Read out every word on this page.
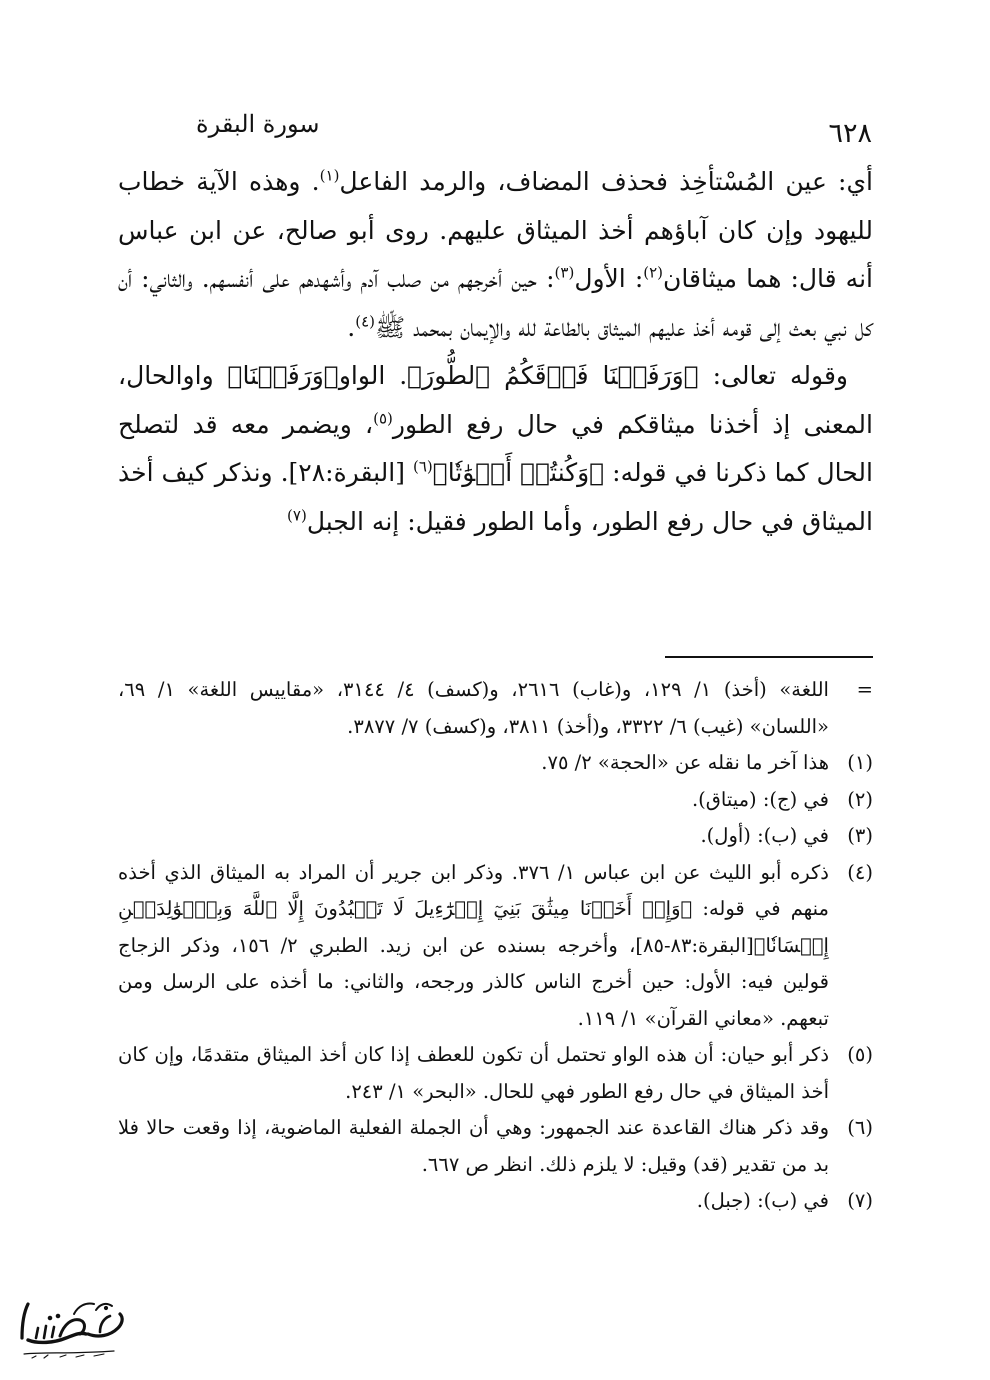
سورة البقرة	٦٢٨

أي: عين المُسْتأخِذ فحذف المضاف، والرمد الفاعل$^{(١)}$. وهذه الآية خطاب لليهود وإن كان آباؤهم أخذ الميثاق عليهم. روى أبو صالح، عن ابن عباس أنه قال: هما ميثاقان$^{(٢)}$: الأول$^{(٣)}$: حين أخرجهم من صلب آدم وأشهدهم على أنفسهم. والثاني: أن كل نبي بعث إلى قومه أخذ عليهم الميثاق بالطاعة لله والإيمان بمحمد ﷺ$^{(٤)}$.

 وقوله تعالى: ﴿وَرَفَعۡنَا فَوۡقَكُمُ ٱلطُّورَ﴾. الواو﴿وَرَفَعۡنَا﴾ واوالحال، المعنى إذ أخذنا ميثاقكم في حال رفع الطور$^{(٥)}$، ويضمر معه قد لتصلح الحال كما ذكرنا في قوله: ﴿وَكُنتُمۡ أَمۡوَٰتٗا﴾$^{(٦)}$ [البقرة:٢٨]. ونذكر كيف أخذ الميثاق في حال رفع الطور، وأما الطور فقيل: إنه الجبل$^{(٧)}$

=
اللغة» (أخذ) ١/ ١٢٩، و(غاب) ٢٦١٦، و(كسف) ٤/ ٣١٤٤، «مقاييس اللغة» ١/ ٦٩، «اللسان» (غيب) ٦/ ٣٣٢٢، و(أخذ) ٣٨١١، و(كسف) ٧/ ٣٨٧٧.
(١)
هذا آخر ما نقله عن «الحجة» ٢/ ٧٥.
(٢)
في (ج): (ميتاق).
(٣)
في (ب): (أول).
(٤)
ذكره أبو الليث عن ابن عباس ١/ ٣٧٦. وذكر ابن جرير أن المراد به الميثاق الذي أخذه منهم في قوله: ﴿وَإِذۡ أَخَذۡنَا مِيثَٰقَ بَنِيٓ إِسۡرَٰٓءِيلَ لَا تَعۡبُدُونَ إِلَّا ٱللَّهَ وَبِٱلۡوَٰلِدَيۡنِ إِحۡسَانٗا﴾[البقرة:٨٣-٨٥]، وأخرجه بسنده عن ابن زيد. الطبري ٢/ ١٥٦، وذكر الزجاج قولين فيه: الأول: حين أخرج الناس كالذر ورجحه، والثاني: ما أخذه على الرسل ومن تبعهم. «معاني القرآن» ١/ ١١٩.
(٥)
ذكر أبو حيان: أن هذه الواو تحتمل أن تكون للعطف إذا كان أخذ الميثاق متقدمًا، وإن كان أخذ الميثاق في حال رفع الطور فهي للحال. «البحر» ١/ ٢٤٣.
(٦)
وقد ذكر هناك القاعدة عند الجمهور: وهي أن الجملة الفعلية الماضوية، إذا وقعت حالا فلا بد من تقدير (قد) وقيل: لا يلزم ذلك. انظر ص ٦٦٧.
(٧)
في (ب): (جبل).
